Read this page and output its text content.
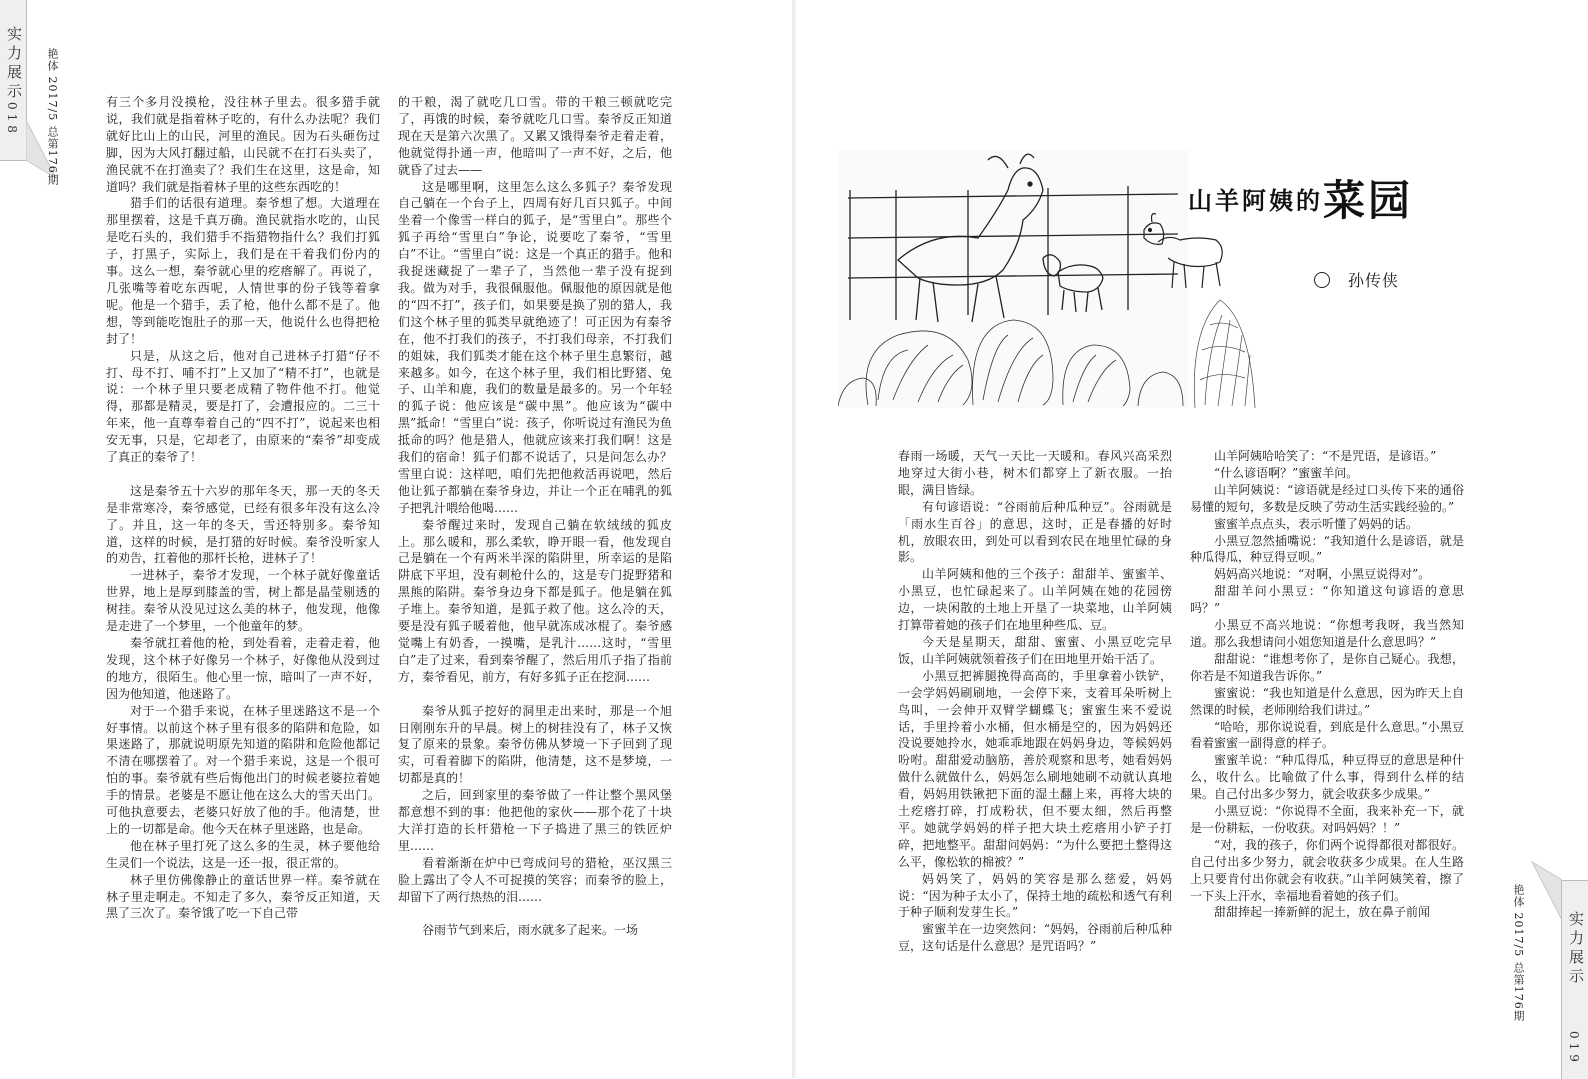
实力展示
018 艳体 2017/5 总第176期	有三个多月没摸枪，没往林子里去。很多猎手就说，我们就是指着林子吃的，有什么办法呢？我们就好比山上的山民，河里的渔民。因为石头砸伤过脚，因为大风打翻过船，山民就不在打石头卖了，渔民就不在打渔卖了？我们生在这里，这是命，知道吗？我们就是指着林子里的这些东西吃的！

猎手们的话很有道理。秦爷想了想。大道理在那里摆着，这是千真万确。渔民就指水吃的，山民是吃石头的，我们猎手不指猎物指什么？我们打狐子，打黑子，实际上，我们是在干着我们份内的事。这么一想，秦爷就心里的疙瘩解了。再说了，几张嘴等着吃东西呢，人情世事的份子钱等着拿呢。他是一个猎手，丢了枪，他什么都不是了。他想，等到能吃饱肚子的那一天，他说什么也得把枪封了！

只是，从这之后，他对自己进林子打猎“仔不打、母不打、哺不打”上又加了“精不打”，也就是说：一个林子里只要老成精了物件他不打。他觉得，那都是精灵，要是打了，会遭报应的。二三十年来，他一直尊奉着自己的“四不打”，说起来也相安无事，只是，它却老了，由原来的“秦爷”却变成了真正的秦爷了！

这是秦爷五十六岁的那年冬天，那一天的冬天是非常寒冷，秦爷感觉，已经有很多年没有这么冷了。并且，这一年的冬天，雪还特别多。秦爷知道，这样的时候，是打猎的好时候。秦爷没听家人的劝告，扛着他的那杆长枪，进林子了！

一进林子，秦爷才发现，一个林子就好像童话世界，地上是厚到膝盖的雪，树上都是晶莹剔透的树挂。秦爷从没见过这么美的林子，他发现，他像是走进了一个梦里，一个他童年的梦。

秦爷就扛着他的枪，到处看着，走着走着，他发现，这个林子好像另一个林子，好像他从没到过的地方，很陌生。他心里一惊，暗叫了一声不好，因为他知道，他迷路了。

对于一个猎手来说，在林子里迷路这不是一个好事情。以前这个林子里有很多的陷阱和危险，如果迷路了，那就说明原先知道的陷阱和危险他都记不清在哪摆着了。对一个猎手来说，这是一个很可怕的事。秦爷就有些后悔他出门的时候老婆拉着她手的情景。老婆是不愿让他在这么大的雪天出门。可他执意要去，老婆只好放了他的手。他清楚，世上的一切都是命。他今天在林子里迷路，也是命。

他在林子里打死了这么多的生灵，林子要他给生灵们一个说法，这是一还一报，很正常的。

林子里仿佛像静止的童话世界一样。秦爷就在林子里走啊走。不知走了多久，秦爷反正知道，天黑了三次了。秦爷饿了吃一下自己带

的干粮，渴了就吃几口雪。带的干粮三顿就吃完了，再饿的时候，秦爷就吃几口雪。秦爷反正知道现在天是第六次黑了。又累又饿得秦爷走着走着，他就觉得扑通一声，他暗叫了一声不好，之后，他就昏了过去——

这是哪里啊，这里怎么这么多狐子？秦爷发现自己躺在一个台子上，四周有好几百只狐子。中间坐着一个像雪一样白的狐子，是“雪里白”。那些个狐子再给“雪里白”争论，说要吃了秦爷，“雪里白”不让。“雪里白”说：这是一个真正的猎手。他和我捉迷藏捉了一辈子了，当然他一辈子没有捉到我。做为对手，我很佩服他。佩服他的原因就是他的“四不打”，孩子们，如果要是换了别的猎人，我们这个林子里的狐类早就绝迹了！可正因为有秦爷在，他不打我们的孩子，不打我们母亲，不打我们的姐妹，我们狐类才能在这个林子里生息繁衍，越来越多。如今，在这个林子里，我们相比野猪、兔子、山羊和鹿，我们的数量是最多的。另一个年轻的狐子说：他应该是“碳中黑”。他应该为“碳中黑”抵命！“雪里白”说：孩子，你听说过有渔民为鱼抵命的吗？他是猎人，他就应该来打我们啊！这是我们的宿命！狐子们都不说话了，只是问怎么办？雪里白说：这样吧，咱们先把他救活再说吧，然后他让狐子都躺在秦爷身边，并让一个正在哺乳的狐子把乳汁喂给他喝……

秦爷醒过来时，发现自己躺在软绒绒的狐皮上。那么暖和，那么柔软，睁开眼一看，他发现自己是躺在一个有两米半深的陷阱里，所幸运的是陷阱底下平坦，没有刺枪什么的，这是专门捉野猪和黑熊的陷阱。秦爷身边身下都是狐子。他是躺在狐子堆上。秦爷知道，是狐子救了他。这么冷的天，要是没有狐子暖着他，他早就冻成冰棍了。秦爷感觉嘴上有奶香，一摸嘴，是乳汁……这时，“雪里白”走了过来，看到秦爷醒了，然后用爪子指了指前方，秦爷看见，前方，有好多狐子正在挖洞……

秦爷从狐子挖好的洞里走出来时，那是一个旭日刚刚东升的早晨。树上的树挂没有了，林子又恢复了原来的景象。秦爷仿佛从梦境一下子回到了现实，可看着脚下的陷阱，他清楚，这不是梦境，一切都是真的！

之后，回到家里的秦爷做了一件让整个黑风堡都意想不到的事：他把他的家伙——那个花了十块大洋打造的长杆猎枪一下子捣进了黑三的铁匠炉里……

看着渐渐在炉中已弯成问号的猎枪，巫汉黑三脸上露出了令人不可捉摸的笑容；而秦爷的脸上，却留下了两行热热的泪……

谷雨节气到来后，雨水就多了起来。一场

山羊阿姨的菜园
孙传侠

春雨一场暖，天气一天比一天暖和。春风兴高采烈地穿过大街小巷，树木们都穿上了新衣服。一抬眼，满目皆绿。

有句谚语说：“谷雨前后种瓜种豆”。谷雨就是「雨水生百谷」的意思，这时，正是春播的好时机，放眼农田，到处可以看到农民在地里忙碌的身影。

山羊阿姨和他的三个孩子：甜甜羊、蜜蜜羊、小黑豆，也忙碌起来了。山羊阿姨在她的花园傍边，一块闲散的土地上开垦了一块菜地，山羊阿姨打算带着她的孩子们在地里种些瓜、豆。

今天是星期天，甜甜、蜜蜜、小黑豆吃完早饭，山羊阿姨就领着孩子们在田地里开始干活了。

小黑豆把裤腿挽得高高的，手里拿着小铁铲，一会学妈妈刷刷地，一会停下来，支着耳朵听树上鸟叫，一会伸开双臂学蝴蝶飞；蜜蜜生来不爱说话，手里拎着小水桶，但水桶是空的，因为妈妈还没说要她拎水，她乖乖地跟在妈妈身边，等候妈妈吩咐。甜甜爱动脑筋，善於观察和思考，她看妈妈做什么就做什么，妈妈怎么刷地她刷不动就认真地看，妈妈用铁锹把下面的湿土翻上来，再将大块的土疙瘩打碎，打成粉状，但不要太细，然后再整平。她就学妈妈的样子把大块土疙瘩用小铲子打碎，把地整平。甜甜问妈妈：“为什么要把土整得这么平，像松软的棉被？”

妈妈笑了，妈妈的笑容是那么慈爱，妈妈说：“因为种子太小了，保持土地的疏松和透气有利于种子顺利发芽生长。”

蜜蜜羊在一边突然问：“妈妈，谷雨前后种瓜种豆，这句话是什么意思？是咒语吗？”

山羊阿姨哈哈笑了：“不是咒语，是谚语。”

“什么谚语啊？”蜜蜜羊问。

山羊阿姨说：“谚语就是经过口头传下来的通俗易懂的短句，多数是反映了劳动生活实践经验的。”

蜜蜜羊点点头，表示听懂了妈妈的话。

小黑豆忽然插嘴说：“我知道什么是谚语，就是种瓜得瓜，种豆得豆呗。”

妈妈高兴地说：“对啊，小黑豆说得对”。

甜甜羊问小黑豆：“你知道这句谚语的意思吗？”

小黑豆不高兴地说：“你想考我呀，我当然知道。那么我想请问小姐您知道是什么意思吗？”

甜甜说：“谁想考你了，是你自己疑心。我想，你若是不知道我告诉你。”

蜜蜜说：“我也知道是什么意思，因为昨天上自然课的时候，老师刚给我们讲过。”

“哈哈，那你说说看，到底是什么意思。”小黑豆看着蜜蜜一副得意的样子。

蜜蜜羊说：“种瓜得瓜，种豆得豆的意思是种什么，收什么。比喻做了什么事，得到什么样的结果。自己付出多少努力，就会收获多少成果。”

小黑豆说：“你说得不全面，我来补充一下，就是一份耕耘，一份收获。对吗妈妈？！”

“对，我的孩子，你们两个说得都很对都很好。自己付出多少努力，就会收获多少成果。在人生路上只要肯付出你就会有收获。”山羊阿姨笑着，擦了一下头上汗水，幸福地看着她的孩子们。

甜甜捧起一捧新鲜的泥土，放在鼻子前闻	艳体 2017/5 总第176期	实力展示
019
